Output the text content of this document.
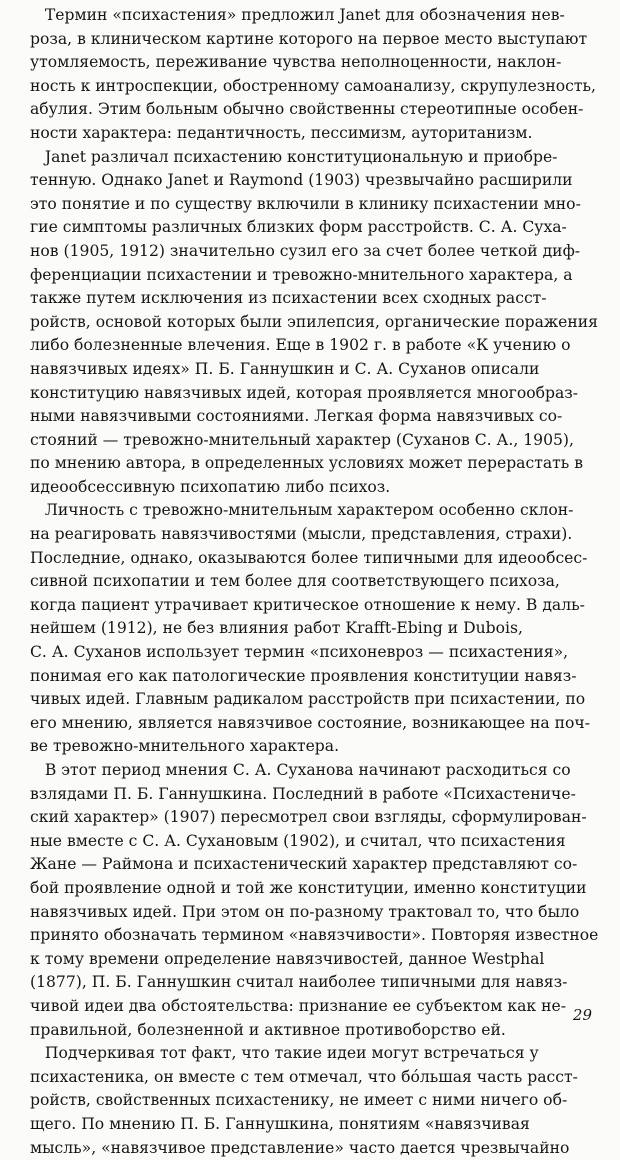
Термин «психастения» предложил Janet для обозначения нев-
роза, в клиническом картине которого на первое место выступают
утомляемость, переживание чувства неполноценности, наклон-
ность к интроспекции, обостренному самоанализу, скрупулезность,
абулия. Этим больным обычно свойственны стереотипные особен-
ности характера: педантичность, пессимизм, аутоританизм.
Janet различал психастению конституциональную и приобре-
тенную. Однако Janet и Raymond (1903) чрезвычайно расширили
это понятие и по существу включили в клинику психастении мно-
гие симптомы различных близких форм расстройств. С. А. Суха-
нов (1905, 1912) значительно сузил его за счет более четкой диф-
ференциации психастении и тревожно-мнительного характера, а
также путем исключения из психастении всех сходных расст-
ройств, основой которых были эпилепсия, органические поражения
либо болезненные влечения. Еще в 1902 г. в работе «К учению о
навязчивых идеях» П. Б. Ганнушкин и С. А. Суханов описали
конституцию навязчивых идей, которая проявляется многообраз-
ными навязчивыми состояниями. Легкая форма навязчивых со-
стояний — тревожно-мнительный характер (Суханов С. А., 1905),
по мнению автора, в определенных условиях может перерастать в
идеообсессивную психопатию либо психоз.
Личность с тревожно-мнительным характером особенно склон-
на реагировать навязчивостями (мысли, представления, страхи).
Последние, однако, оказываются более типичными для идеообсес-
сивной психопатии и тем более для соответствующего психоза,
когда пациент утрачивает критическое отношение к нему. В даль-
нейшем (1912), не без влияния работ Krafft-Ebing и Dubois,
С. А. Суханов использует термин «психоневроз — психастения»,
понимая его как патологические проявления конституции навяз-
чивых идей. Главным радикалом расстройств при психастении, по
его мнению, является навязчивое состояние, возникающее на поч-
ве тревожно-мнительного характера.
В этот период мнения С. А. Суханова начинают расходиться со
взлядами П. Б. Ганнушкина. Последний в работе «Психастениче-
ский характер» (1907) пересмотрел свои взгляды, сформулирован-
ные вместе с С. А. Сухановым (1902), и считал, что психастения
Жане — Раймона и психастенический характер представляют со-
бой проявление одной и той же конституции, именно конституции
навязчивых идей. При этом он по-разному трактовал то, что было
принято обозначать термином «навязчивости». Повторяя известное
к тому времени определение навязчивостей, данное Westphal
(1877), П. Б. Ганнушкин считал наиболее типичными для навяз-
чивой идеи два обстоятельства: признание ее субъектом как не-
правильной, болезненной и активное противоборство ей.
Подчеркивая тот факт, что такие идеи могут встречаться у
психастеника, он вместе с тем отмечал, что бóльшая часть расст-
ройств, свойственных психастенику, не имеет с ними ничего об-
щего. По мнению П. Б. Ганнушкина, понятиям «навязчивая
мысль», «навязчивое представление» часто дается чрезвычайно
29
